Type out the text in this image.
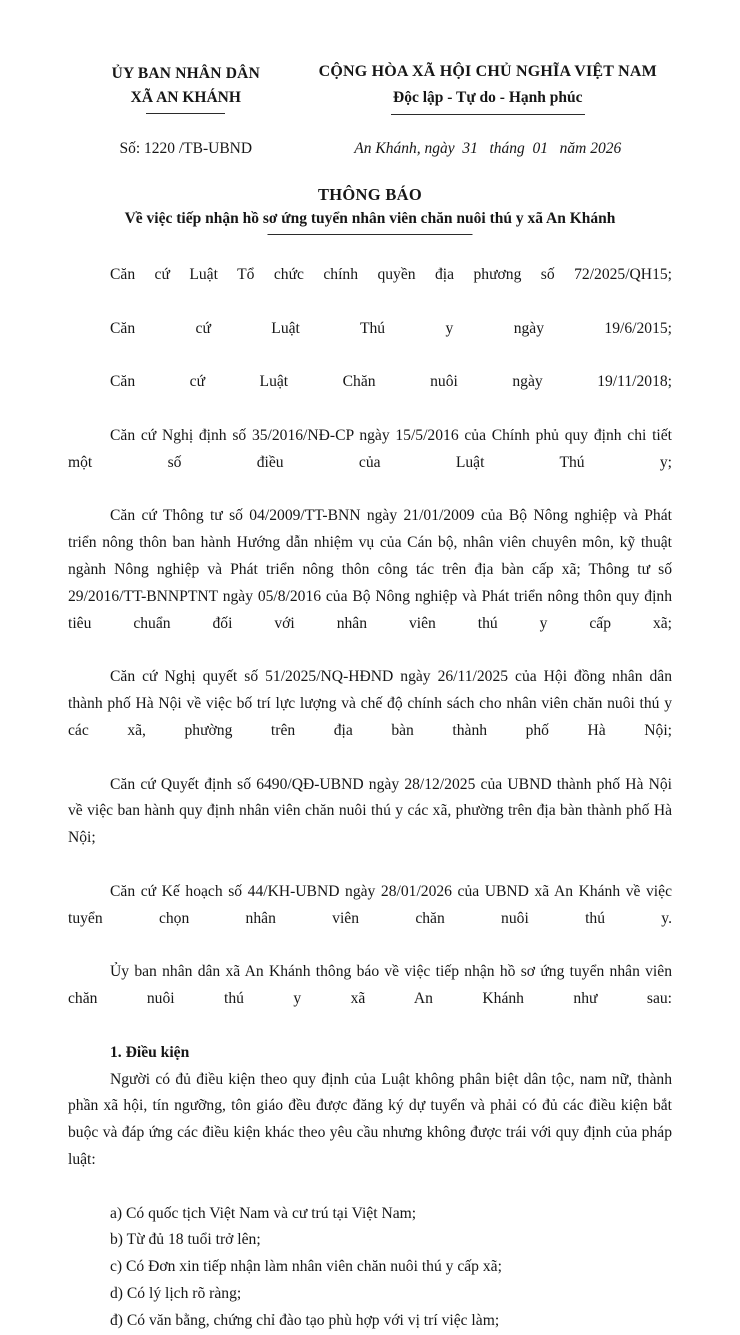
ỦY BAN NHÂN DÂN
XÃ AN KHÁNH
CỘNG HÒA XÃ HỘI CHỦ NGHĨA VIỆT NAM
Độc lập - Tự do - Hạnh phúc
Số: 1220 /TB-UBND	An Khánh, ngày  31   tháng  01   năm 2026
THÔNG BÁO
Về việc tiếp nhận hồ sơ ứng tuyển nhân viên chăn nuôi thú y xã An Khánh

Căn cứ Luật Tổ chức chính quyền địa phương số 72/2025/QH15;

Căn cứ Luật Thú y ngày 19/6/2015;

Căn cứ Luật Chăn nuôi ngày 19/11/2018;

Căn cứ Nghị định số 35/2016/NĐ-CP ngày 15/5/2016 của Chính phủ quy định chi tiết một số điều của Luật Thú y;

Căn cứ Thông tư số 04/2009/TT-BNN ngày 21/01/2009 của Bộ Nông nghiệp và Phát triển nông thôn ban hành Hướng dẫn nhiệm vụ của Cán bộ, nhân viên chuyên môn, kỹ thuật ngành Nông nghiệp và Phát triển nông thôn công tác trên địa bàn cấp xã; Thông tư số 29/2016/TT-BNNPTNT ngày 05/8/2016 của Bộ Nông nghiệp và Phát triển nông thôn quy định tiêu chuẩn đối với nhân viên thú y cấp xã;

Căn cứ Nghị quyết số 51/2025/NQ-HĐND ngày 26/11/2025 của Hội đồng nhân dân thành phố Hà Nội về việc bố trí lực lượng và chế độ chính sách cho nhân viên chăn nuôi thú y các xã, phường trên địa bàn thành phố Hà Nội;

Căn cứ Quyết định số 6490/QĐ-UBND ngày 28/12/2025 của UBND thành phố Hà Nội về việc ban hành quy định nhân viên chăn nuôi thú y các xã, phường trên địa bàn thành phố Hà Nội;

Căn cứ Kế hoạch số 44/KH-UBND ngày 28/01/2026 của UBND xã An Khánh về việc tuyển chọn nhân viên chăn nuôi thú y.

Ủy ban nhân dân xã An Khánh thông báo về việc tiếp nhận hồ sơ ứng tuyển nhân viên chăn nuôi thú y xã An Khánh như sau:

1. Điều kiện

Người có đủ điều kiện theo quy định của Luật không phân biệt dân tộc, nam nữ, thành phần xã hội, tín ngưỡng, tôn giáo đều được đăng ký dự tuyển và phải có đủ các điều kiện bắt buộc và đáp ứng các điều kiện khác theo yêu cầu nhưng không được trái với quy định của pháp luật:

a) Có quốc tịch Việt Nam và cư trú tại Việt Nam;

b) Từ đủ 18 tuổi trở lên;

c) Có Đơn xin tiếp nhận làm nhân viên chăn nuôi thú y cấp xã;

d) Có lý lịch rõ ràng;

đ) Có văn bằng, chứng chỉ đào tạo phù hợp với vị trí việc làm;
